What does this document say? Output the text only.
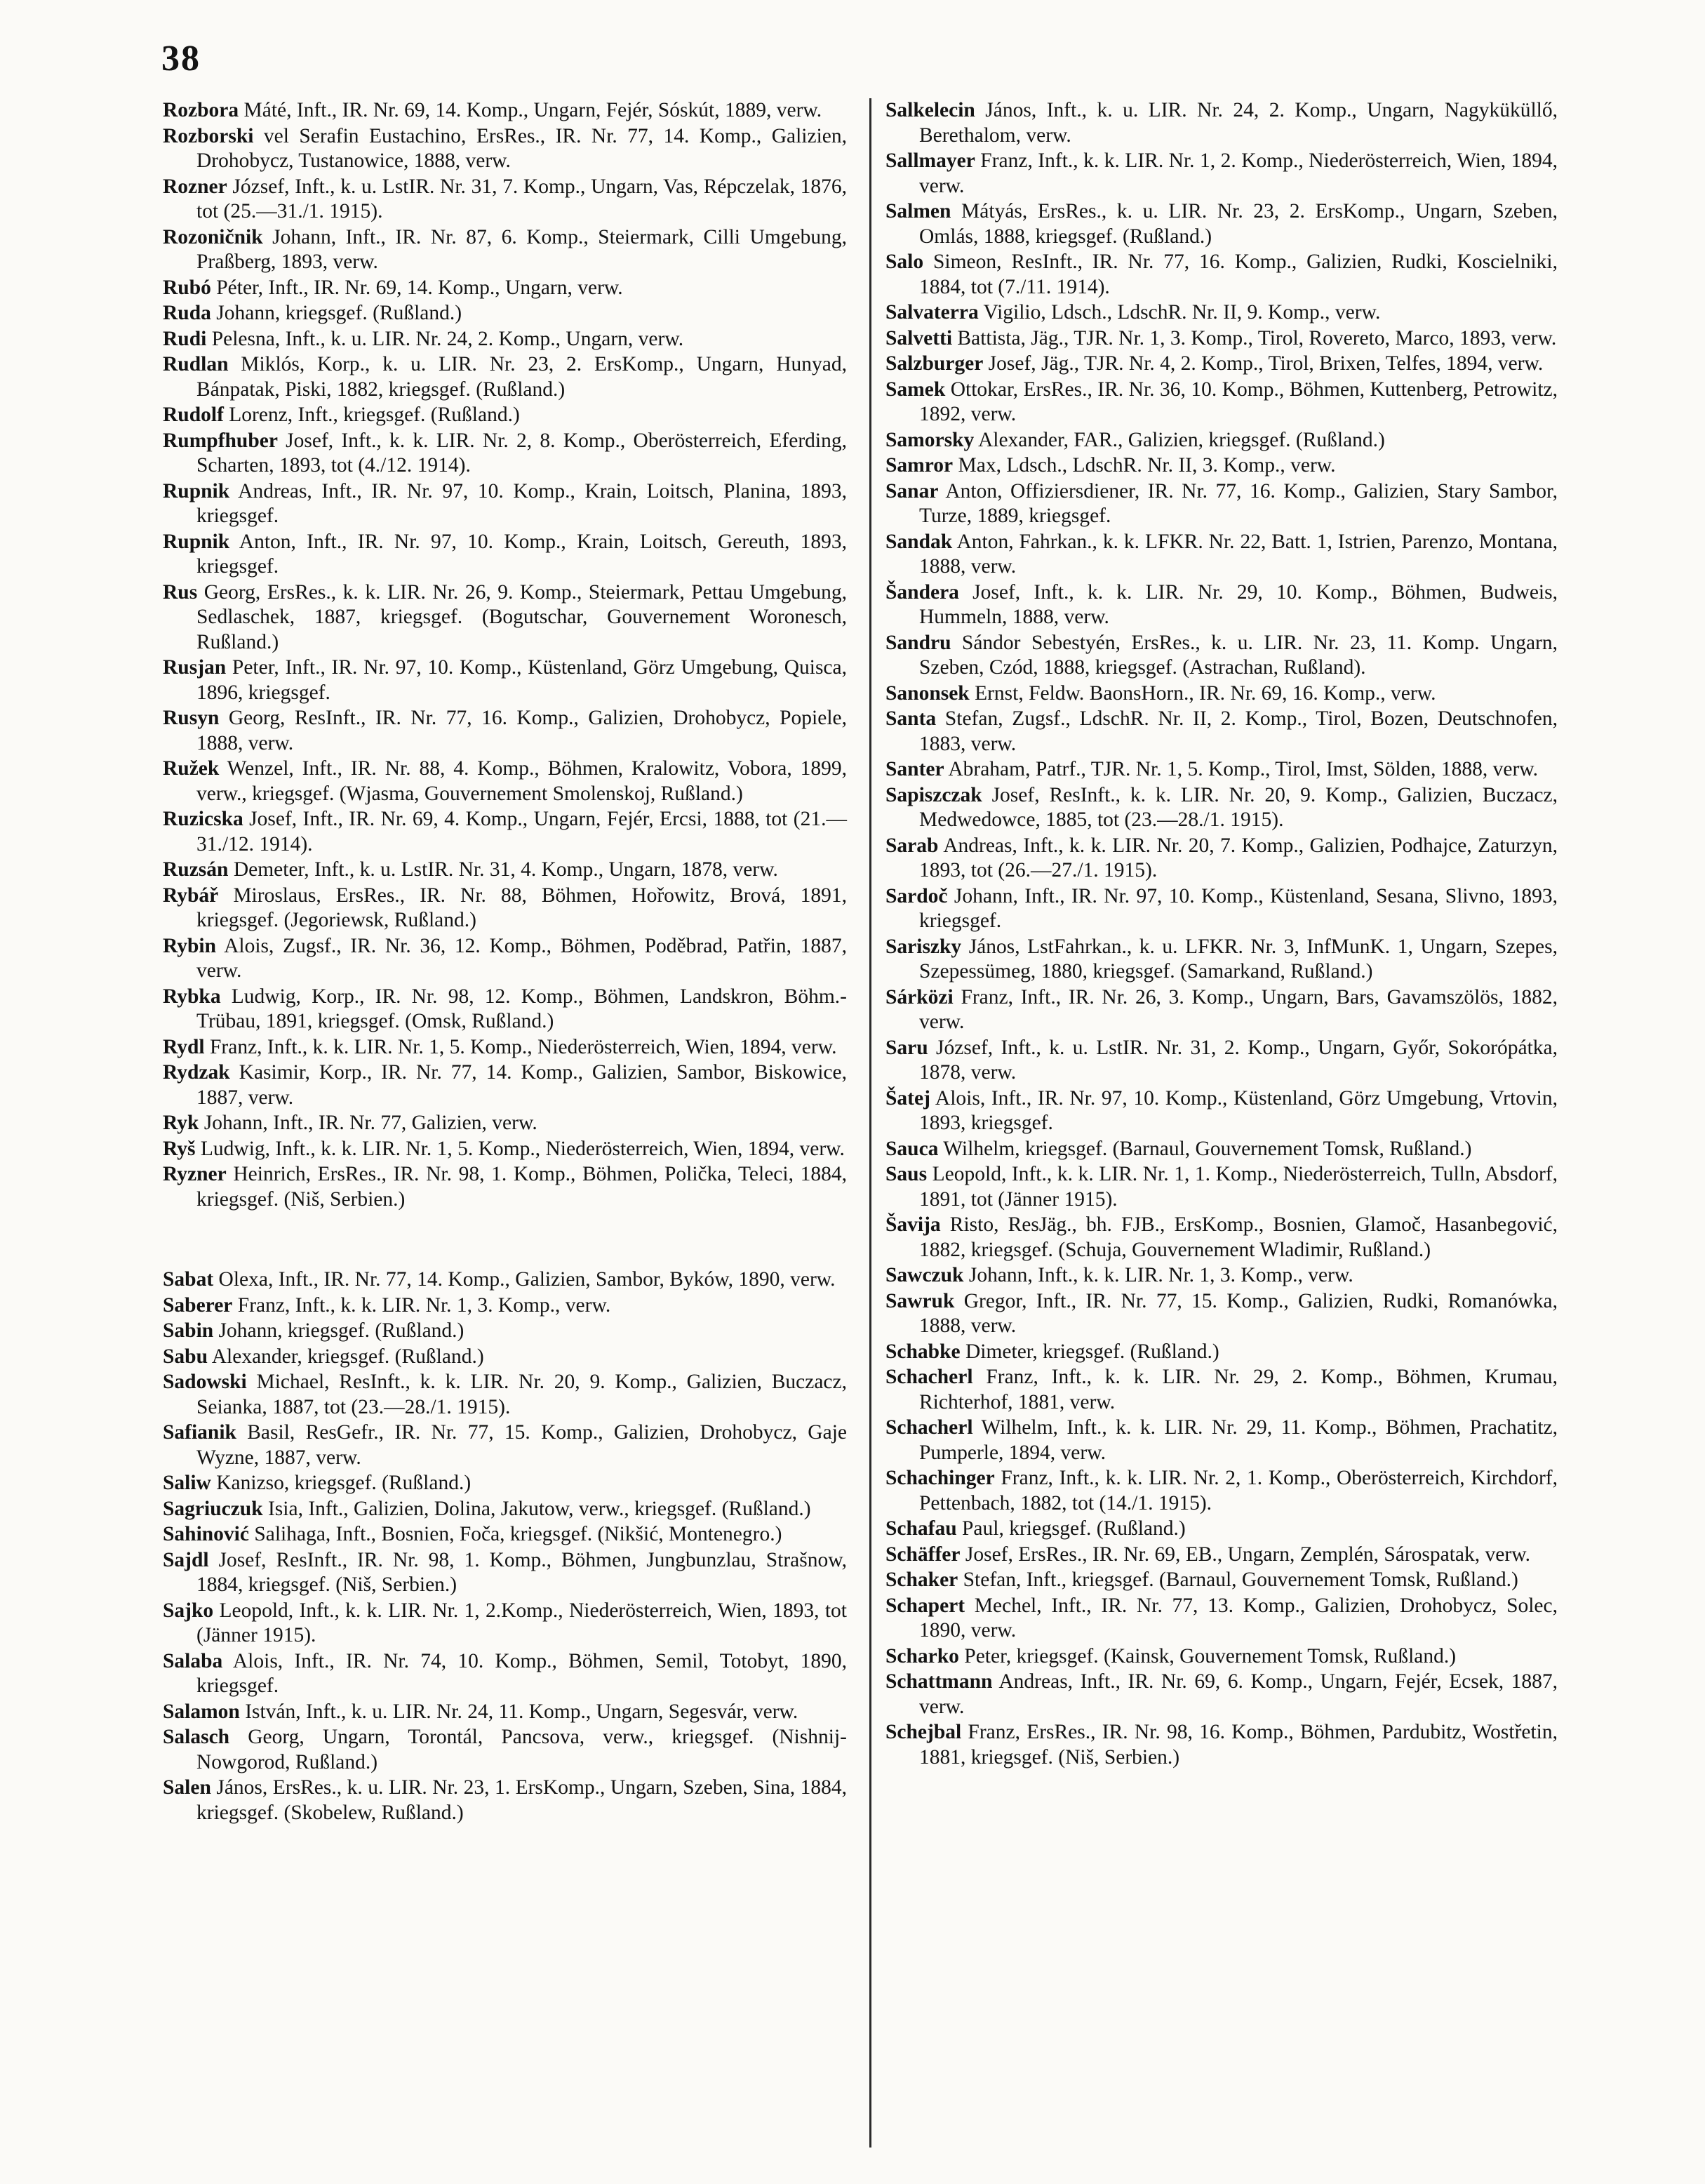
38

Rozbora Máté, Inft., IR. Nr. 69, 14. Komp., Ungarn, Fejér, Sóskút, 1889, verw.

Rozborski vel Serafin Eustachino, ErsRes., IR. Nr. 77, 14. Komp., Galizien, Drohobycz, Tustanowice, 1888, verw.

Rozner József, Inft., k. u. LstIR. Nr. 31, 7. Komp., Ungarn, Vas, Répczelak, 1876, tot (25.—31./1. 1915).

Rozoničnik Johann, Inft., IR. Nr. 87, 6. Komp., Steiermark, Cilli Umgebung, Praßberg, 1893, verw.

Rubó Péter, Inft., IR. Nr. 69, 14. Komp., Ungarn, verw.

Ruda Johann, kriegsgef. (Rußland.)

Rudi Pelesna, Inft., k. u. LIR. Nr. 24, 2. Komp., Ungarn, verw.

Rudlan Miklós, Korp., k. u. LIR. Nr. 23, 2. ErsKomp., Ungarn, Hunyad, Bánpatak, Piski, 1882, kriegsgef. (Rußland.)

Rudolf Lorenz, Inft., kriegsgef. (Rußland.)

Rumpfhuber Josef, Inft., k. k. LIR. Nr. 2, 8. Komp., Oberösterreich, Eferding, Scharten, 1893, tot (4./12. 1914).

Rupnik Andreas, Inft., IR. Nr. 97, 10. Komp., Krain, Loitsch, Planina, 1893, kriegsgef.

Rupnik Anton, Inft., IR. Nr. 97, 10. Komp., Krain, Loitsch, Gereuth, 1893, kriegsgef.

Rus Georg, ErsRes., k. k. LIR. Nr. 26, 9. Komp., Steiermark, Pettau Umgebung, Sedlaschek, 1887, kriegsgef. (Bogutschar, Gouvernement Woronesch, Rußland.)

Rusjan Peter, Inft., IR. Nr. 97, 10. Komp., Küstenland, Görz Umgebung, Quisca, 1896, kriegsgef.

Rusyn Georg, ResInft., IR. Nr. 77, 16. Komp., Galizien, Drohobycz, Popiele, 1888, verw.

Ružek Wenzel, Inft., IR. Nr. 88, 4. Komp., Böhmen, Kralowitz, Vobora, 1899, verw., kriegsgef. (Wjasma, Gouvernement Smolenskoj, Rußland.)

Ruzicska Josef, Inft., IR. Nr. 69, 4. Komp., Ungarn, Fejér, Ercsi, 1888, tot (21.—31./12. 1914).

Ruzsán Demeter, Inft., k. u. LstIR. Nr. 31, 4. Komp., Ungarn, 1878, verw.

Rybář Miroslaus, ErsRes., IR. Nr. 88, Böhmen, Hořowitz, Brová, 1891, kriegsgef. (Jegoriewsk, Rußland.)

Rybin Alois, Zugsf., IR. Nr. 36, 12. Komp., Böhmen, Poděbrad, Patřin, 1887, verw.

Rybka Ludwig, Korp., IR. Nr. 98, 12. Komp., Böhmen, Landskron, Böhm.-Trübau, 1891, kriegsgef. (Omsk, Rußland.)

Rydl Franz, Inft., k. k. LIR. Nr. 1, 5. Komp., Niederösterreich, Wien, 1894, verw.

Rydzak Kasimir, Korp., IR. Nr. 77, 14. Komp., Galizien, Sambor, Biskowice, 1887, verw.

Ryk Johann, Inft., IR. Nr. 77, Galizien, verw.

Ryš Ludwig, Inft., k. k. LIR. Nr. 1, 5. Komp., Niederösterreich, Wien, 1894, verw.

Ryzner Heinrich, ErsRes., IR. Nr. 98, 1. Komp., Böhmen, Polička, Teleci, 1884, kriegsgef. (Niš, Serbien.)

Sabat Olexa, Inft., IR. Nr. 77, 14. Komp., Galizien, Sambor, Byków, 1890, verw.

Saberer Franz, Inft., k. k. LIR. Nr. 1, 3. Komp., verw.

Sabin Johann, kriegsgef. (Rußland.)

Sabu Alexander, kriegsgef. (Rußland.)

Sadowski Michael, ResInft., k. k. LIR. Nr. 20, 9. Komp., Galizien, Buczacz, Seianka, 1887, tot (23.—28./1. 1915).

Safianik Basil, ResGefr., IR. Nr. 77, 15. Komp., Galizien, Drohobycz, Gaje Wyzne, 1887, verw.

Saliw Kanizso, kriegsgef. (Rußland.)

Sagriuczuk Isia, Inft., Galizien, Dolina, Jakutow, verw., kriegsgef. (Rußland.)

Sahinović Salihaga, Inft., Bosnien, Foča, kriegsgef. (Nikšić, Montenegro.)

Sajdl Josef, ResInft., IR. Nr. 98, 1. Komp., Böhmen, Jungbunzlau, Strašnow, 1884, kriegsgef. (Niš, Serbien.)

Sajko Leopold, Inft., k. k. LIR. Nr. 1, 2.Komp., Niederösterreich, Wien, 1893, tot (Jänner 1915).

Salaba Alois, Inft., IR. Nr. 74, 10. Komp., Böhmen, Semil, Totobyt, 1890, kriegsgef.

Salamon István, Inft., k. u. LIR. Nr. 24, 11. Komp., Ungarn, Segesvár, verw.

Salasch Georg, Ungarn, Torontál, Pancsova, verw., kriegsgef. (Nishnij-Nowgorod, Rußland.)

Salen János, ErsRes., k. u. LIR. Nr. 23, 1. ErsKomp., Ungarn, Szeben, Sina, 1884, kriegsgef. (Skobelew, Rußland.)

Salkelecin János, Inft., k. u. LIR. Nr. 24, 2. Komp., Ungarn, Nagyküküllő, Berethalom, verw.

Sallmayer Franz, Inft., k. k. LIR. Nr. 1, 2. Komp., Niederösterreich, Wien, 1894, verw.

Salmen Mátyás, ErsRes., k. u. LIR. Nr. 23, 2. ErsKomp., Ungarn, Szeben, Omlás, 1888, kriegsgef. (Rußland.)

Salo Simeon, ResInft., IR. Nr. 77, 16. Komp., Galizien, Rudki, Koscielniki, 1884, tot (7./11. 1914).

Salvaterra Vigilio, Ldsch., LdschR. Nr. II, 9. Komp., verw.

Salvetti Battista, Jäg., TJR. Nr. 1, 3. Komp., Tirol, Rovereto, Marco, 1893, verw.

Salzburger Josef, Jäg., TJR. Nr. 4, 2. Komp., Tirol, Brixen, Telfes, 1894, verw.

Samek Ottokar, ErsRes., IR. Nr. 36, 10. Komp., Böhmen, Kuttenberg, Petrowitz, 1892, verw.

Samorsky Alexander, FAR., Galizien, kriegsgef. (Rußland.)

Samror Max, Ldsch., LdschR. Nr. II, 3. Komp., verw.

Sanar Anton, Offiziersdiener, IR. Nr. 77, 16. Komp., Galizien, Stary Sambor, Turze, 1889, kriegsgef.

Sandak Anton, Fahrkan., k. k. LFKR. Nr. 22, Batt. 1, Istrien, Parenzo, Montana, 1888, verw.

Šandera Josef, Inft., k. k. LIR. Nr. 29, 10. Komp., Böhmen, Budweis, Hummeln, 1888, verw.

Sandru Sándor Sebestyén, ErsRes., k. u. LIR. Nr. 23, 11. Komp. Ungarn, Szeben, Czód, 1888, kriegsgef. (Astrachan, Rußland).

Sanonsek Ernst, Feldw. BaonsHorn., IR. Nr. 69, 16. Komp., verw.

Santa Stefan, Zugsf., LdschR. Nr. II, 2. Komp., Tirol, Bozen, Deutschnofen, 1883, verw.

Santer Abraham, Patrf., TJR. Nr. 1, 5. Komp., Tirol, Imst, Sölden, 1888, verw.

Sapiszczak Josef, ResInft., k. k. LIR. Nr. 20, 9. Komp., Galizien, Buczacz, Medwedowce, 1885, tot (23.—28./1. 1915).

Sarab Andreas, Inft., k. k. LIR. Nr. 20, 7. Komp., Galizien, Podhajce, Zaturzyn, 1893, tot (26.—27./1. 1915).

Sardoč Johann, Inft., IR. Nr. 97, 10. Komp., Küstenland, Sesana, Slivno, 1893, kriegsgef.

Sariszky János, LstFahrkan., k. u. LFKR. Nr. 3, InfMunK. 1, Ungarn, Szepes, Szepessümeg, 1880, kriegsgef. (Samarkand, Rußland.)

Sárközi Franz, Inft., IR. Nr. 26, 3. Komp., Ungarn, Bars, Gavamszölös, 1882, verw.

Saru József, Inft., k. u. LstIR. Nr. 31, 2. Komp., Ungarn, Győr, Sokorópátka, 1878, verw.

Šatej Alois, Inft., IR. Nr. 97, 10. Komp., Küstenland, Görz Umgebung, Vrtovin, 1893, kriegsgef.

Sauca Wilhelm, kriegsgef. (Barnaul, Gouvernement Tomsk, Rußland.)

Saus Leopold, Inft., k. k. LIR. Nr. 1, 1. Komp., Niederösterreich, Tulln, Absdorf, 1891, tot (Jänner 1915).

Šavija Risto, ResJäg., bh. FJB., ErsKomp., Bosnien, Glamoč, Hasanbegović, 1882, kriegsgef. (Schuja, Gouvernement Wladimir, Rußland.)

Sawczuk Johann, Inft., k. k. LIR. Nr. 1, 3. Komp., verw.

Sawruk Gregor, Inft., IR. Nr. 77, 15. Komp., Galizien, Rudki, Romanówka, 1888, verw.

Schabke Dimeter, kriegsgef. (Rußland.)

Schacherl Franz, Inft., k. k. LIR. Nr. 29, 2. Komp., Böhmen, Krumau, Richterhof, 1881, verw.

Schacherl Wilhelm, Inft., k. k. LIR. Nr. 29, 11. Komp., Böhmen, Prachatitz, Pumperle, 1894, verw.

Schachinger Franz, Inft., k. k. LIR. Nr. 2, 1. Komp., Oberösterreich, Kirchdorf, Pettenbach, 1882, tot (14./1. 1915).

Schafau Paul, kriegsgef. (Rußland.)

Schäffer Josef, ErsRes., IR. Nr. 69, EB., Ungarn, Zemplén, Sárospatak, verw.

Schaker Stefan, Inft., kriegsgef. (Barnaul, Gouvernement Tomsk, Rußland.)

Schapert Mechel, Inft., IR. Nr. 77, 13. Komp., Galizien, Drohobycz, Solec, 1890, verw.

Scharko Peter, kriegsgef. (Kainsk, Gouvernement Tomsk, Rußland.)

Schattmann Andreas, Inft., IR. Nr. 69, 6. Komp., Ungarn, Fejér, Ecsek, 1887, verw.

Schejbal Franz, ErsRes., IR. Nr. 98, 16. Komp., Böhmen, Pardubitz, Wostřetin, 1881, kriegsgef. (Niš, Serbien.)
